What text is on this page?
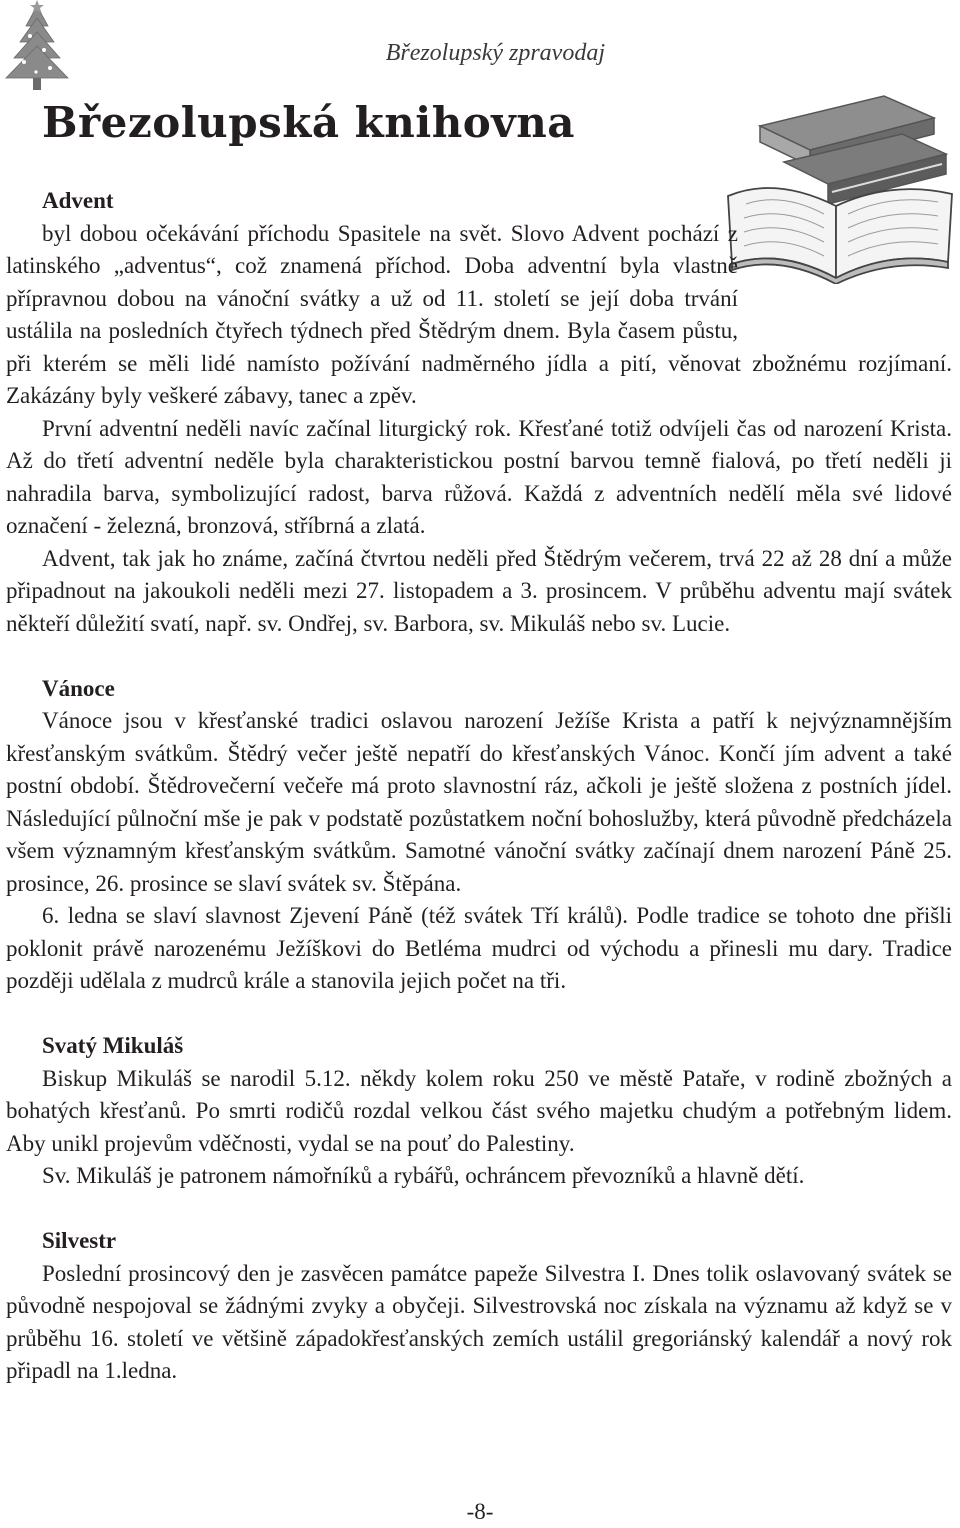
Březolupský zpravodaj
Březolupská knihovna

Advent

byl dobou očekávání příchodu Spasitele na svět. Slovo Advent pochází z latinského „adventus“, což znamená příchod. Doba adventní byla vlastně přípravnou dobou na vánoční svátky a už od 11. století se její doba trvání ustálila na posledních čtyřech týdnech před Štědrým dnem. Byla časem půstu, při kterém se měli lidé namísto požívání nadměrného jídla a pití, věnovat zbožnému rozjímaní. Zakázány byly veškeré zábavy, tanec a zpěv.

První adventní neděli navíc začínal liturgický rok. Křesťané totiž odvíjeli čas od narození Krista. Až do třetí adventní neděle byla charakteristickou postní barvou temně fialová, po třetí neděli ji nahradila barva, symbolizující radost, barva růžová. Každá z adventních nedělí měla své lidové označení - železná, bronzová, stříbrná a zlatá.

Advent, tak jak ho známe, začíná čtvrtou neděli před Štědrým večerem, trvá 22 až 28 dní a může připadnout na jakoukoli neděli mezi 27. listopadem a 3. prosincem. V průběhu adventu mají svátek někteří důležití svatí, např. sv. Ondřej, sv. Barbora, sv. Mikuláš nebo sv. Lucie.

Vánoce

Vánoce jsou v křesťanské tradici oslavou narození Ježíše Krista a patří k nejvýznamnějším křesťanským svátkům. Štědrý večer ještě nepatří do křesťanských Vánoc. Končí jím advent a také postní období. Štědrovečerní večeře má proto slavnostní ráz, ačkoli je ještě složena z postních jídel. Následující půlnoční mše je pak v podstatě pozůstatkem noční bohoslužby, která původně předcházela všem významným křesťanským svátkům. Samotné vánoční svátky začínají dnem narození Páně 25. prosince, 26. prosince se slaví svátek sv. Štěpána.

6. ledna se slaví slavnost Zjevení Páně (též svátek Tří králů). Podle tradice se tohoto dne přišli poklonit právě narozenému Ježíškovi do Betléma mudrci od východu a přinesli mu dary. Tradice později udělala z mudrců krále a stanovila jejich počet na tři.

Svatý Mikuláš

Biskup Mikuláš se narodil 5.12. někdy kolem roku 250 ve městě Pataře, v rodině zbožných a bohatých křesťanů. Po smrti rodičů rozdal velkou část svého majetku chudým a potřebným lidem. Aby unikl projevům vděčnosti, vydal se na pouť do Palestiny.

Sv. Mikuláš je patronem námořníků a rybářů, ochráncem převozníků a hlavně dětí.

Silvestr

Poslední prosincový den je zasvěcen památce papeže Silvestra I. Dnes tolik oslavovaný svátek se původně nespojoval se žádnými zvyky a obyčeji. Silvestrovská noc získala na významu až když se v průběhu 16. století ve většině západokřesťanských zemích ustálil gregoriánský kalendář a nový rok připadl na 1.ledna.

-8-
